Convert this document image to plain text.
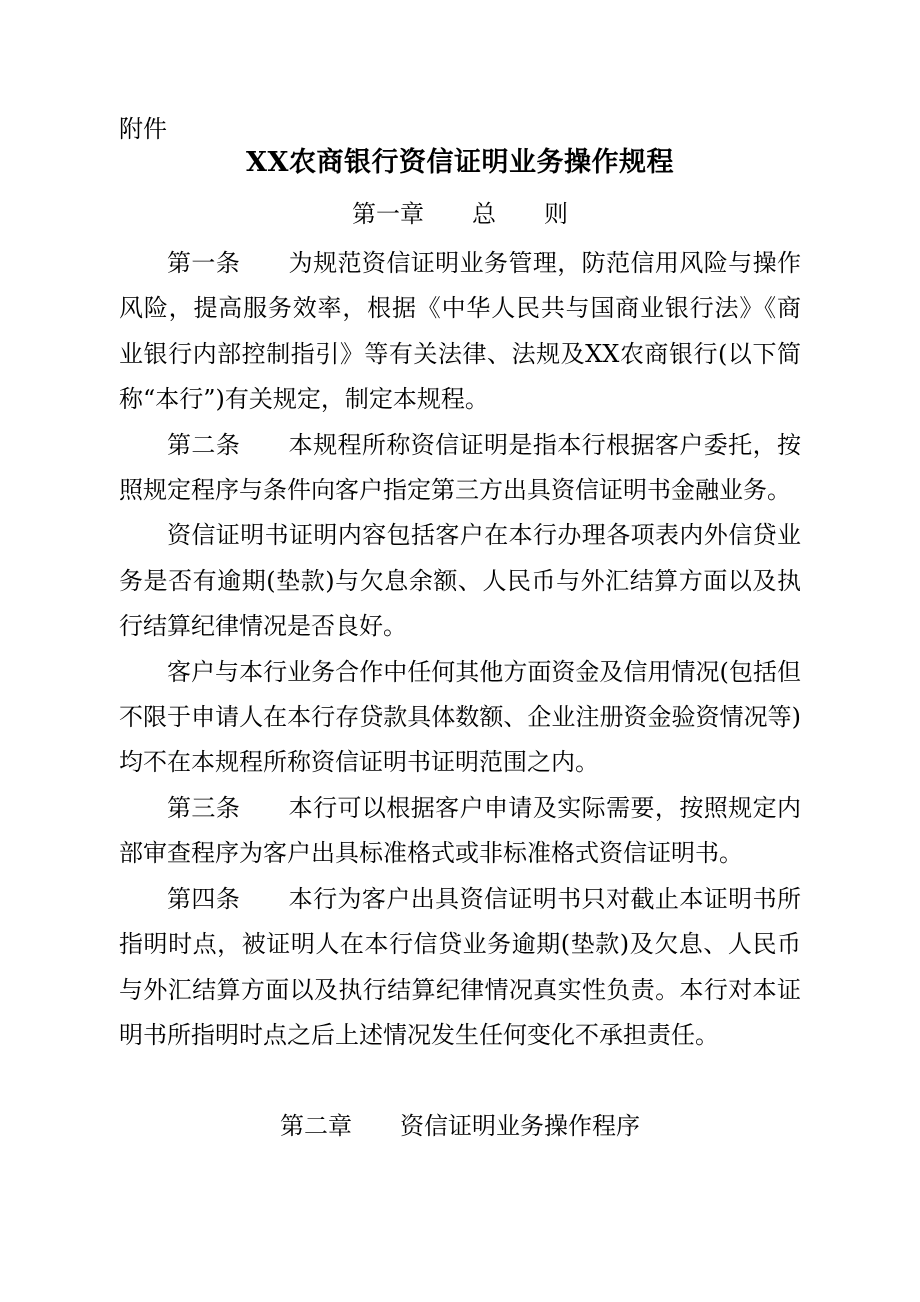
附件
XX农商银行资信证明业务操作规程
第一章 总 则

第一条 为规范资信证明业务管理，防范信用风险与操作风险，提高服务效率，根据《中华人民共与国商业银行法》《商业银行内部控制指引》等有关法律、法规及XX农商银行(以下简称“本行”)有关规定，制定本规程。

第二条 本规程所称资信证明是指本行根据客户委托，按照规定程序与条件向客户指定第三方出具资信证明书金融业务。

资信证明书证明内容包括客户在本行办理各项表内外信贷业务是否有逾期(垫款)与欠息余额、人民币与外汇结算方面以及执行结算纪律情况是否良好。

客户与本行业务合作中任何其他方面资金及信用情况(包括但不限于申请人在本行存贷款具体数额、企业注册资金验资情况等)均不在本规程所称资信证明书证明范围之内。

第三条 本行可以根据客户申请及实际需要，按照规定内部审查程序为客户出具标准格式或非标准格式资信证明书。

第四条 本行为客户出具资信证明书只对截止本证明书所指明时点，被证明人在本行信贷业务逾期(垫款)及欠息、人民币与外汇结算方面以及执行结算纪律情况真实性负责。本行对本证明书所指明时点之后上述情况发生任何变化不承担责任。

第二章 资信证明业务操作程序
